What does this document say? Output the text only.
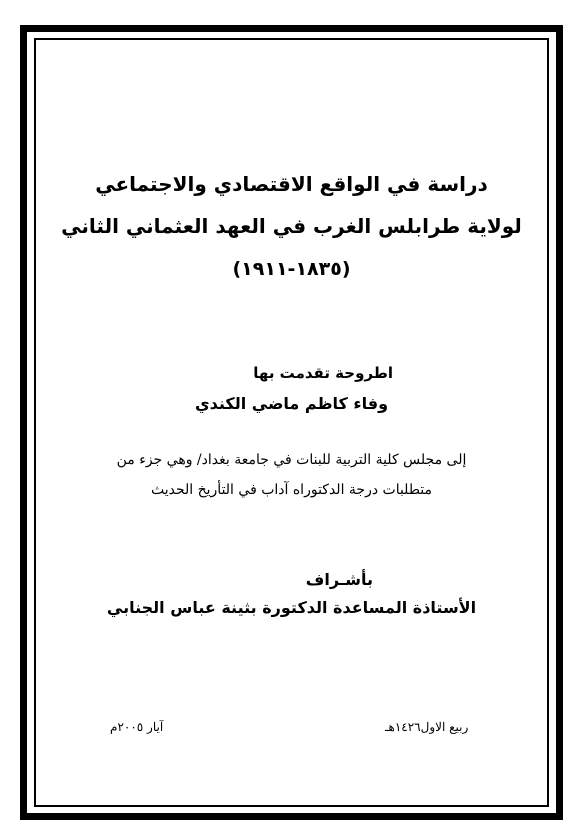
دراسة في الواقع الاقتصادي والاجتماعي
لولاية طرابلس الغرب في العهد العثماني الثاني
(١٨٣٥-١٩١١)
اطروحة تقدمت بها
وفاء كاظم ماضي الكندي
إلى مجلس كلية التربية للبنات في جامعة بغداد/ وهي جزء من
متطلبات درجة الدكتوراه آداب في التأريخ الحديث
بأشـراف
الأستاذة المساعدة الدكتورة بثينة عباس الجنابي
ربيع الاول١٤٢٦هـ
آيار ٢٠٠٥م
